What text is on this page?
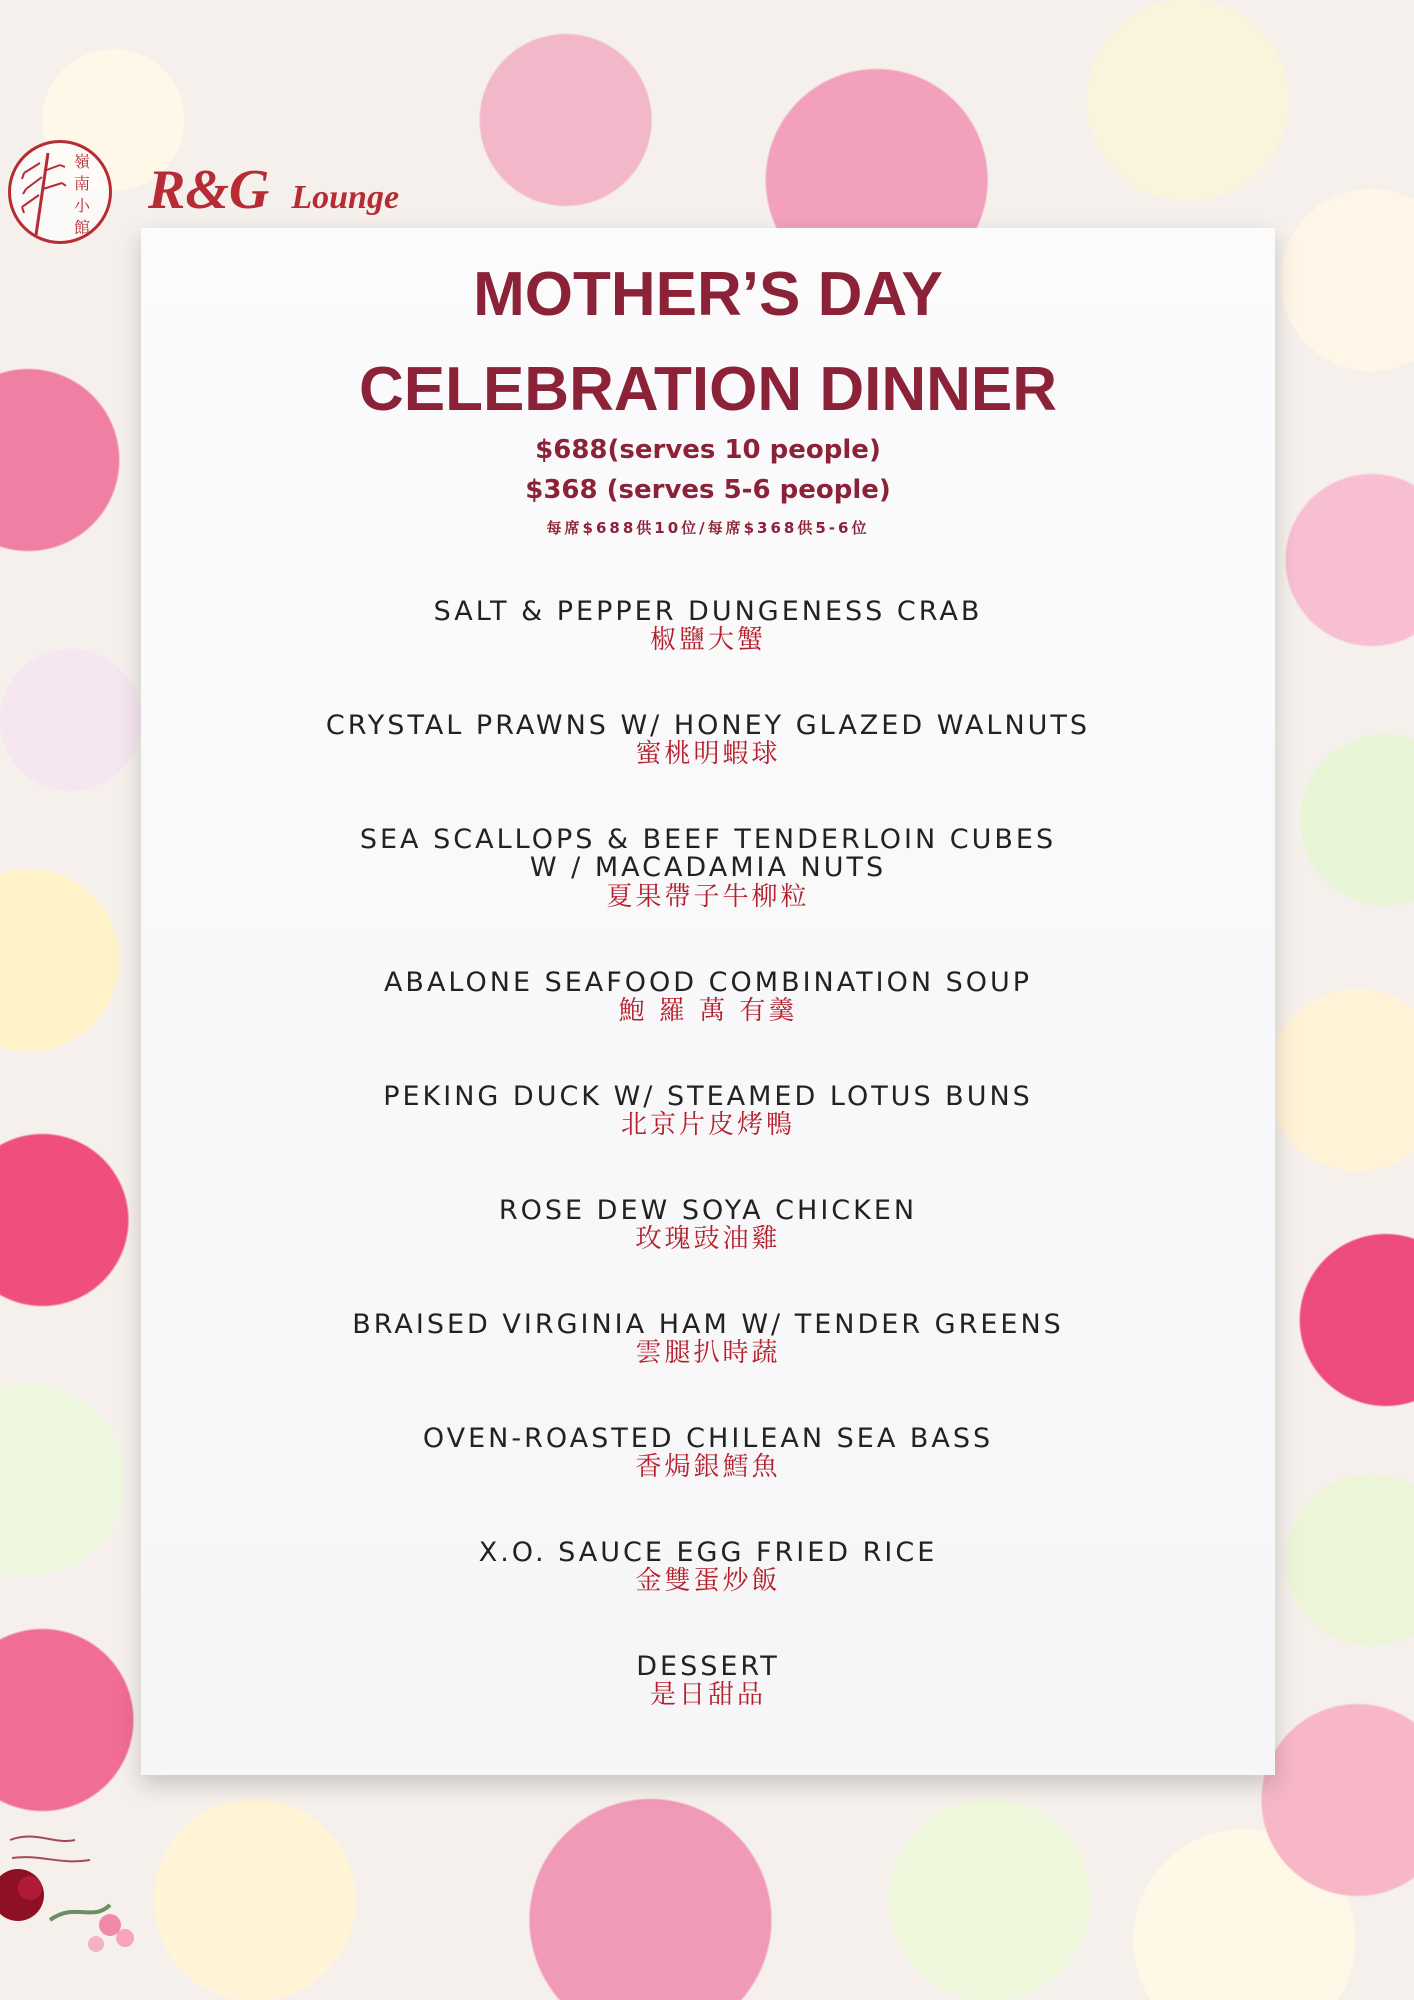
嶺南小館
R&G Lounge
MOTHER’S DAY
CELEBRATION DINNER
$688(serves 10 people)
$368 (serves 5-6 people)
每席$688供10位/每席$368供5-6位
SALT & PEPPER DUNGENESS CRAB
椒鹽大蟹
CRYSTAL PRAWNS W/ HONEY GLAZED WALNUTS
蜜桃明蝦球
SEA SCALLOPS & BEEF TENDERLOIN CUBES
W / MACADAMIA NUTS
夏果帶子牛柳粒
ABALONE SEAFOOD COMBINATION SOUP
鮑 羅 萬 有羹
PEKING DUCK W/ STEAMED LOTUS BUNS
北京片皮烤鴨
ROSE DEW SOYA CHICKEN
玫瑰豉油雞
BRAISED VIRGINIA HAM W/ TENDER GREENS
雲腿扒時蔬
OVEN-ROASTED CHILEAN SEA BASS
香焗銀鱈魚
X.O. SAUCE EGG FRIED RICE
金雙蛋炒飯
DESSERT
是日甜品
